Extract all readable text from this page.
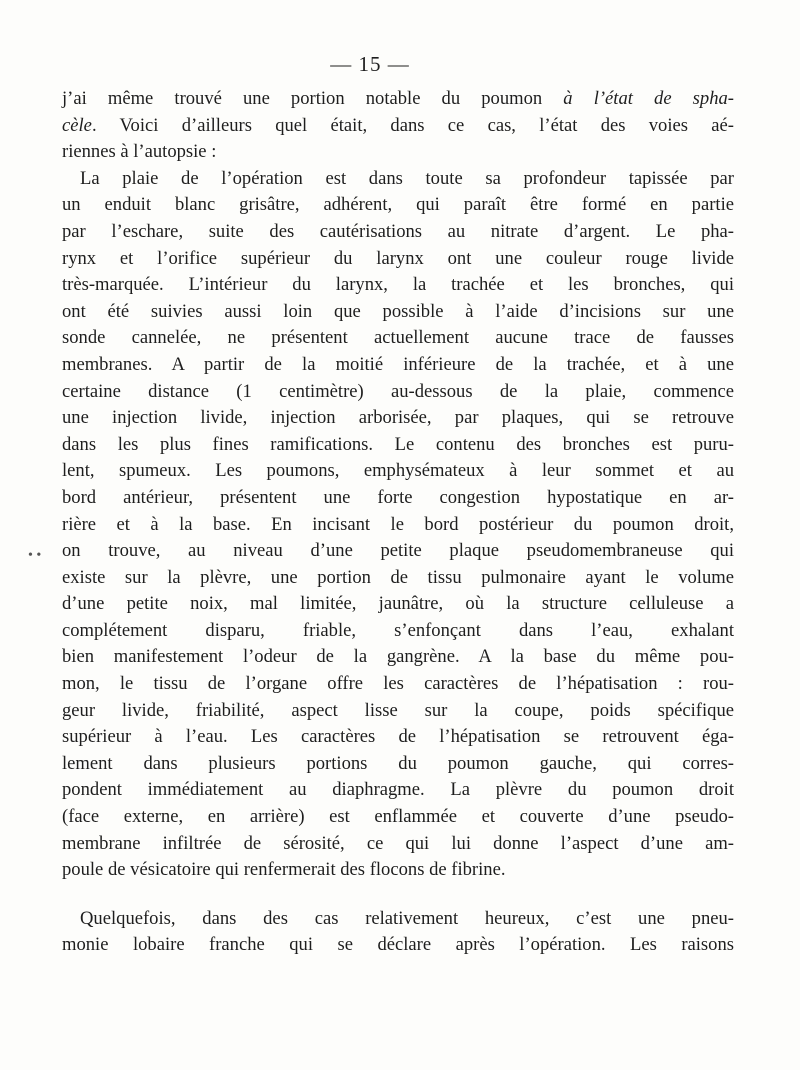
— 15 —
• •
j’ai même trouvé une portion notable du poumon à l’état de spha-
cèle. Voici d’ailleurs quel était, dans ce cas, l’état des voies aé-
riennes à l’autopsie :
La plaie de l’opération est dans toute sa profondeur tapissée par
un enduit blanc grisâtre, adhérent, qui paraît être formé en partie
par l’eschare, suite des cautérisations au nitrate d’argent. Le pha-
rynx et l’orifice supérieur du larynx ont une couleur rouge livide
très-marquée. L’intérieur du larynx, la trachée et les bronches, qui
ont été suivies aussi loin que possible à l’aide d’incisions sur une
sonde cannelée, ne présentent actuellement aucune trace de fausses
membranes. A partir de la moitié inférieure de la trachée, et à une
certaine distance (1 centimètre) au-dessous de la plaie, commence
une injection livide, injection arborisée, par plaques, qui se retrouve
dans les plus fines ramifications. Le contenu des bronches est puru-
lent, spumeux. Les poumons, emphysémateux à leur sommet et au
bord antérieur, présentent une forte congestion hypostatique en ar-
rière et à la base. En incisant le bord postérieur du poumon droit,
on trouve, au niveau d’une petite plaque pseudomembraneuse qui
existe sur la plèvre, une portion de tissu pulmonaire ayant le volume
d’une petite noix, mal limitée, jaunâtre, où la structure celluleuse a
complétement disparu, friable, s’enfonçant dans l’eau, exhalant
bien manifestement l’odeur de la gangrène. A la base du même pou-
mon, le tissu de l’organe offre les caractères de l’hépatisation : rou-
geur livide, friabilité, aspect lisse sur la coupe, poids spécifique
supérieur à l’eau. Les caractères de l’hépatisation se retrouvent éga-
lement dans plusieurs portions du poumon gauche, qui corres-
pondent immédiatement au diaphragme. La plèvre du poumon droit
(face externe, en arrière) est enflammée et couverte d’une pseudo-
membrane infiltrée de sérosité, ce qui lui donne l’aspect d’une am-
poule de vésicatoire qui renfermerait des flocons de fibrine.
Quelquefois, dans des cas relativement heureux, c’est une pneu-
monie lobaire franche qui se déclare après l’opération. Les raisons
